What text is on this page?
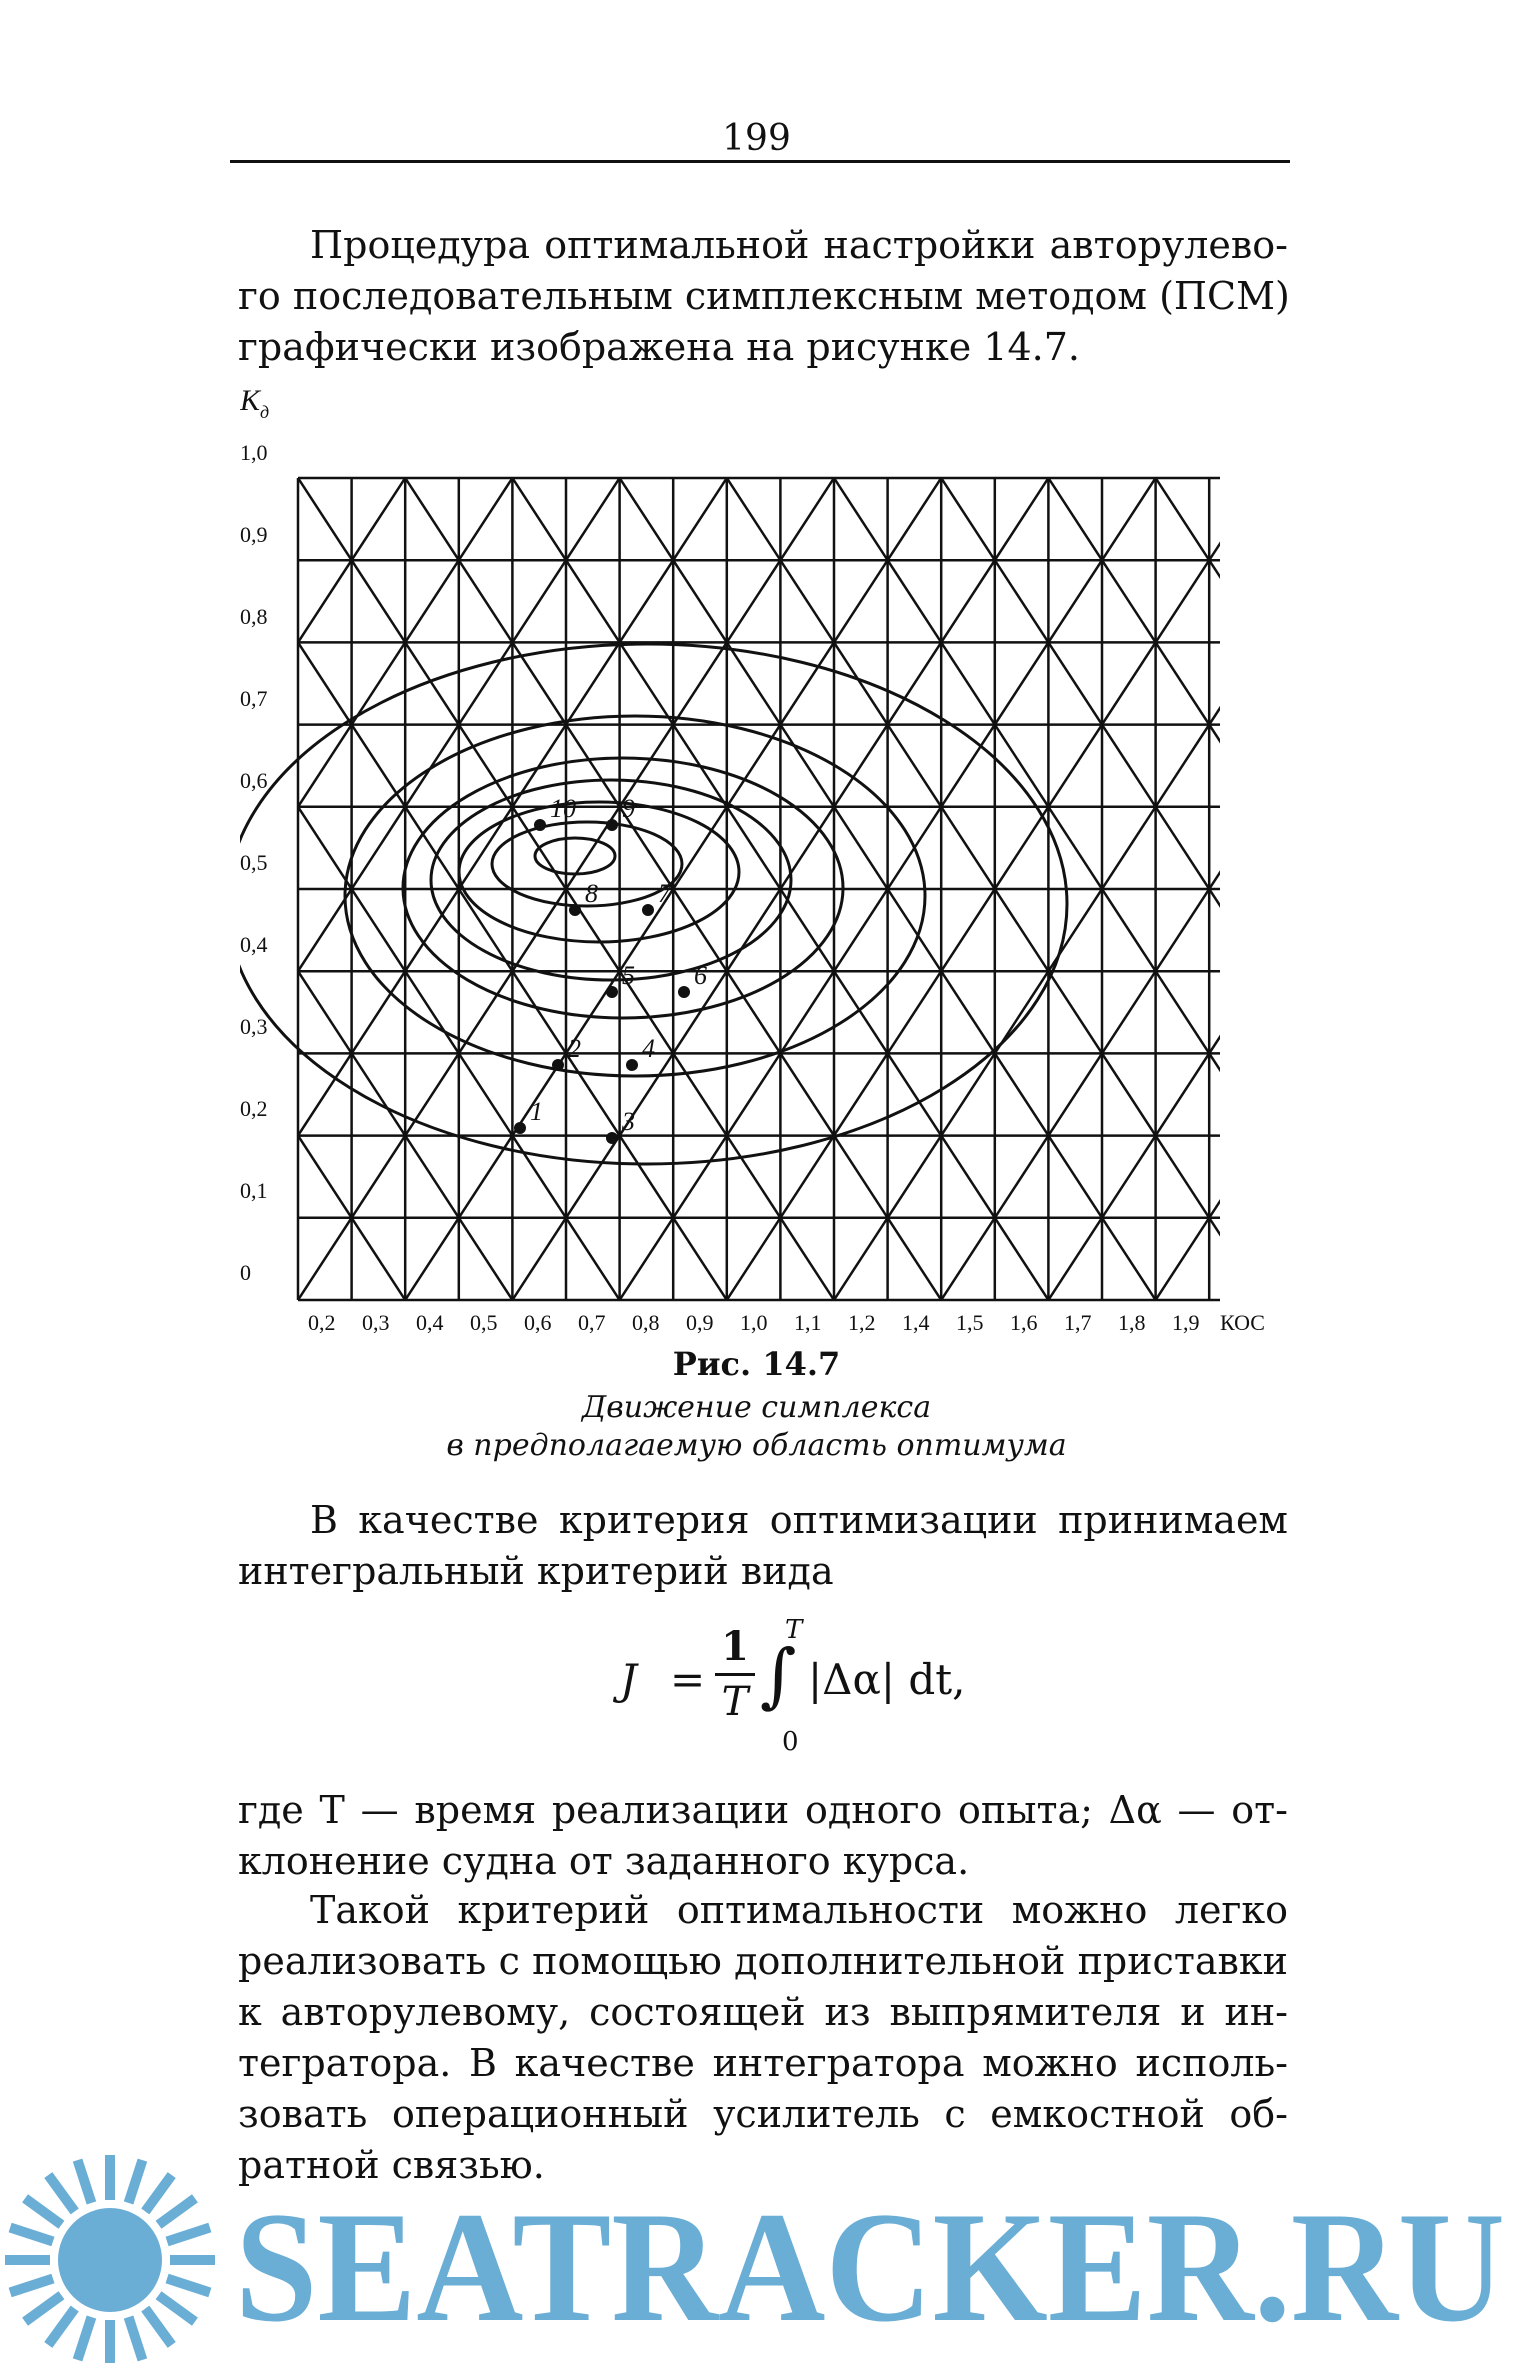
199
Процедура оптимальной настройки авторулево-
го последовательным симплексным методом (ПСМ)
графически изображена на рисунке 14.7.
1
2
3
4
5 6
7
8
9
10
K д
1,0
0,9
0,8
0,7
0,6
0,5
0,4
0,3
0,2
0,1
0
0,2 0,3 0,4 0,5 0,6 0,7 0,8 0,9 1,0 1,1 1,2 1,4 1,5 1,6 1,7 1,8 1,9 КОС
Рис. 14.7
Движение симплекса
в предполагаемую область оптимума
В качестве критерия оптимизации принимаем
интегральный критерий вида
J =
1
T ∫
T
0
|Δα| dt,
где T — время реализации одного опыта; Δα — от-
клонение судна от заданного курса.
Такой критерий оптимальности можно легко
реализовать с помощью дополнительной приставки
к авторулевому, состоящей из выпрямителя и ин-
тегратора. В качестве интегратора можно исполь-
зовать операционный усилитель с емкостной об-
ратной связью.
SEATRACKER.RU
